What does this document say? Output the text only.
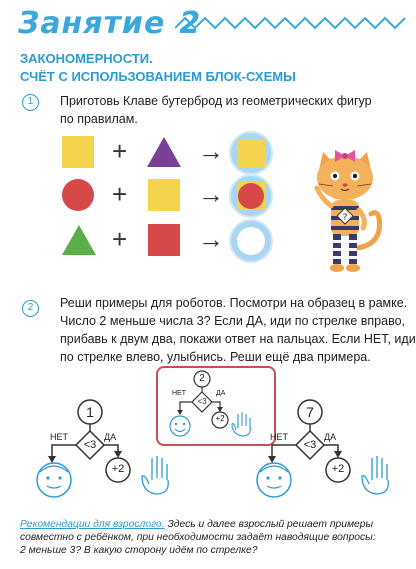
Занятие 2
ЗАКОНОМЕРНОСТИ.
СЧЁТ С ИСПОЛЬЗОВАНИЕМ БЛОК-СХЕМЫ
1	Приготовь Клаве бутерброд из геометрических фигур
по правилам.
+	→
+	→
+	→
?
2	Реши примеры для роботов. Посмотри на образец в рамке.
Число 2 меньше числа 3? Если ДА, иди по стрелке вправо,
прибавь к двум два, покажи ответ на пальцах. Если НЕТ, иди
по стрелке влево, улыбнись. Реши ещё два примера.
2
НЕТ	ДА
<3
+2
1
НЕТ	ДА
<3
+2
7
НЕТ	ДА
<3
+2
Рекомендации для взрослого. Здесь и далее взрослый решает примеры
совместно с ребёнком, при необходимости задаёт наводящие вопросы:
2 меньше 3? В какую сторону идём по стрелке?
